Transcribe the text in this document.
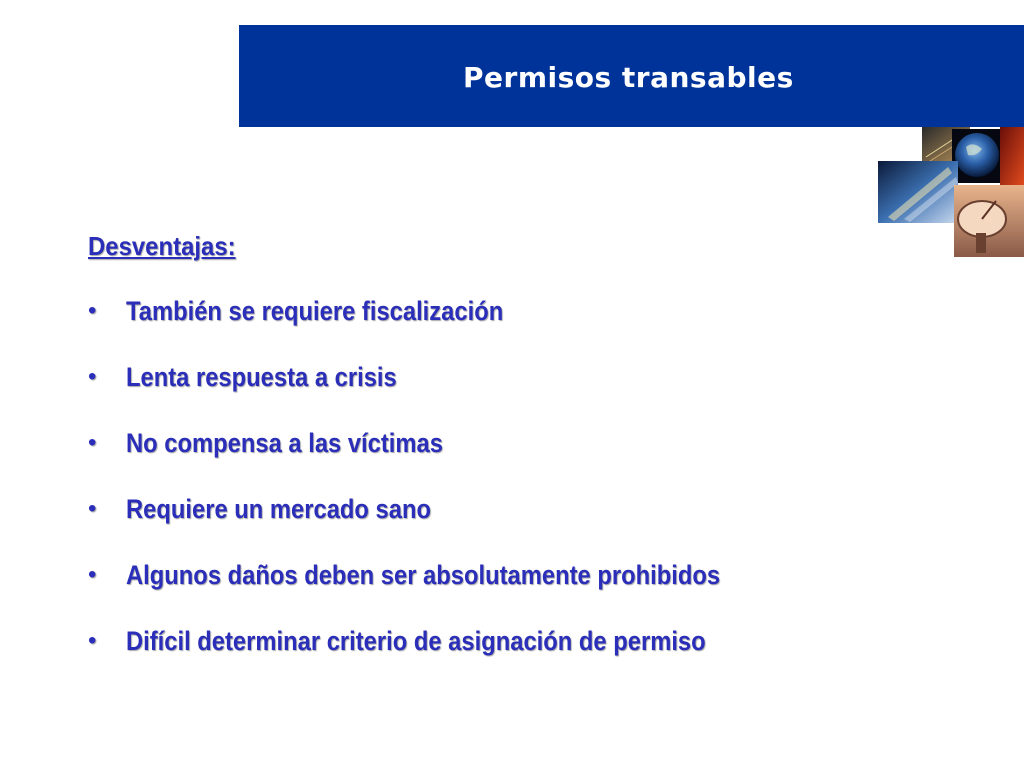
Permisos transables
Desventajas:
• También se requiere fiscalización
• Lenta respuesta a crisis
• No compensa a las víctimas
• Requiere un mercado sano
• Algunos daños deben ser absolutamente prohibidos
• Difícil determinar criterio de asignación de permiso
